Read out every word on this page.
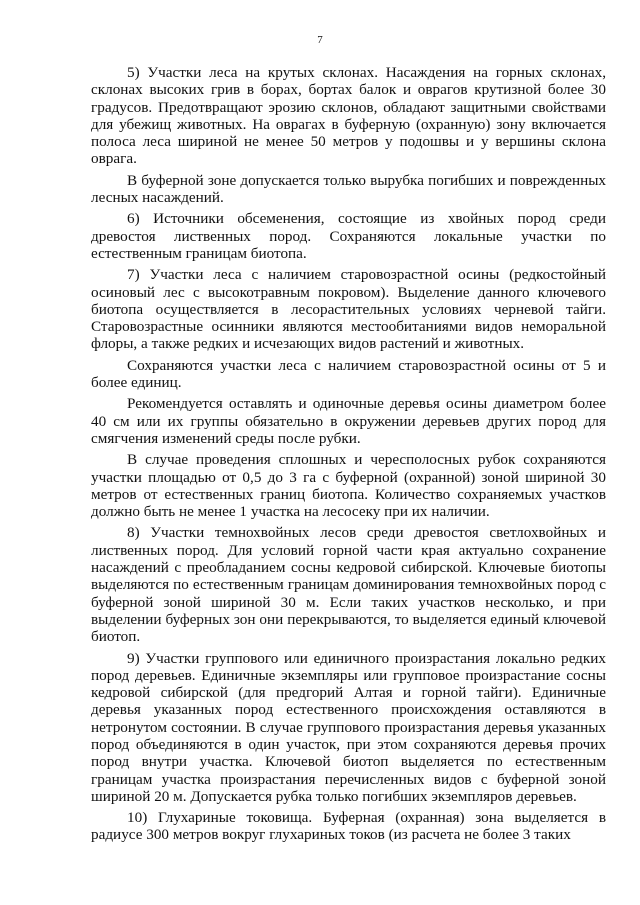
7

5) Участки леса на крутых склонах. Насаждения на горных склонах, склонах высоких грив в борах, бортах балок и оврагов крутизной более 30 градусов. Предотвращают эрозию склонов, обладают защитными свойствами для убежищ животных. На оврагах в буферную (охранную) зону включается полоса леса шириной не менее 50 метров у подошвы и у вершины склона оврага.

В буферной зоне допускается только вырубка погибших и поврежденных лесных насаждений.

6) Источники обсеменения, состоящие из хвойных пород среди древостоя лиственных пород. Сохраняются локальные участки по естественным границам биотопа.

7) Участки леса с наличием старовозрастной осины (редкостойный осиновый лес с высокотравным покровом). Выделение данного ключевого биотопа осуществляется в лесорастительных условиях черневой тайги. Старовозрастные осинники являются местообитаниями видов неморальной флоры, а также редких и исчезающих видов растений и животных.

Сохраняются участки леса с наличием старовозрастной осины от 5 и более единиц.

Рекомендуется оставлять и одиночные деревья осины диаметром более 40 см или их группы обязательно в окружении деревьев других пород для смягчения изменений среды после рубки.

В случае проведения сплошных и чересполосных рубок сохраняются участки площадью от 0,5 до 3 га с буферной (охранной) зоной шириной 30 метров от естественных границ биотопа. Количество сохраняемых участков должно быть не менее 1 участка на лесосеку при их наличии.

8) Участки темнохвойных лесов среди древостоя светлохвойных и лиственных пород. Для условий горной части края актуально сохранение насаждений с преобладанием сосны кедровой сибирской. Ключевые биотопы выделяются по естественным границам доминирования темнохвойных пород с буферной зоной шириной 30 м. Если таких участков несколько, и при выделении буферных зон они перекрываются, то выделяется единый ключевой биотоп.

9) Участки группового или единичного произрастания локально редких пород деревьев. Единичные экземпляры или групповое произрастание сосны кедровой сибирской (для предгорий Алтая и горной тайги). Единичные деревья указанных пород естественного происхождения оставляются в нетронутом состоянии. В случае группового произрастания деревья указанных пород объединяются в один участок, при этом сохраняются деревья прочих пород внутри участка. Ключевой биотоп выделяется по естественным границам участка произрастания перечисленных видов с буферной зоной шириной 20 м. Допускается рубка только погибших экземпляров деревьев.

10) Глухариные токовища. Буферная (охранная) зона выделяется в радиусе 300 метров вокруг глухариных токов (из расчета не более 3 таких
